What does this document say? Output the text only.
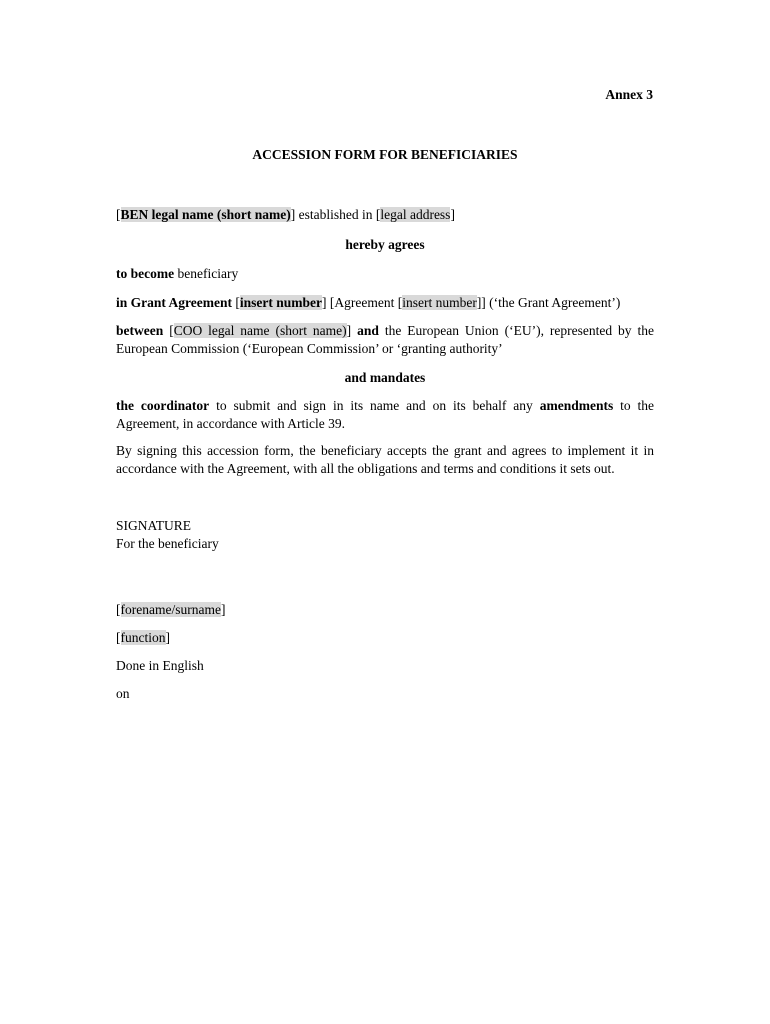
Annex 3
ACCESSION FORM FOR BENEFICIARIES
[BEN legal name (short name)] established in [legal address]
hereby agrees
to become beneficiary
in Grant Agreement [insert number] [Agreement [insert number]] (‘the Grant Agreement’)
between [COO legal name (short name)] and the European Union (‘EU’), represented by the European Commission (‘European Commission’ or ‘granting authority’
and mandates
the coordinator to submit and sign in its name and on its behalf any amendments to the Agreement, in accordance with Article 39.
By signing this accession form, the beneficiary accepts the grant and agrees to implement it in accordance with the Agreement, with all the obligations and terms and conditions it sets out.
SIGNATURE
For the beneficiary
[forename/surname]
[function]
Done in English
on
